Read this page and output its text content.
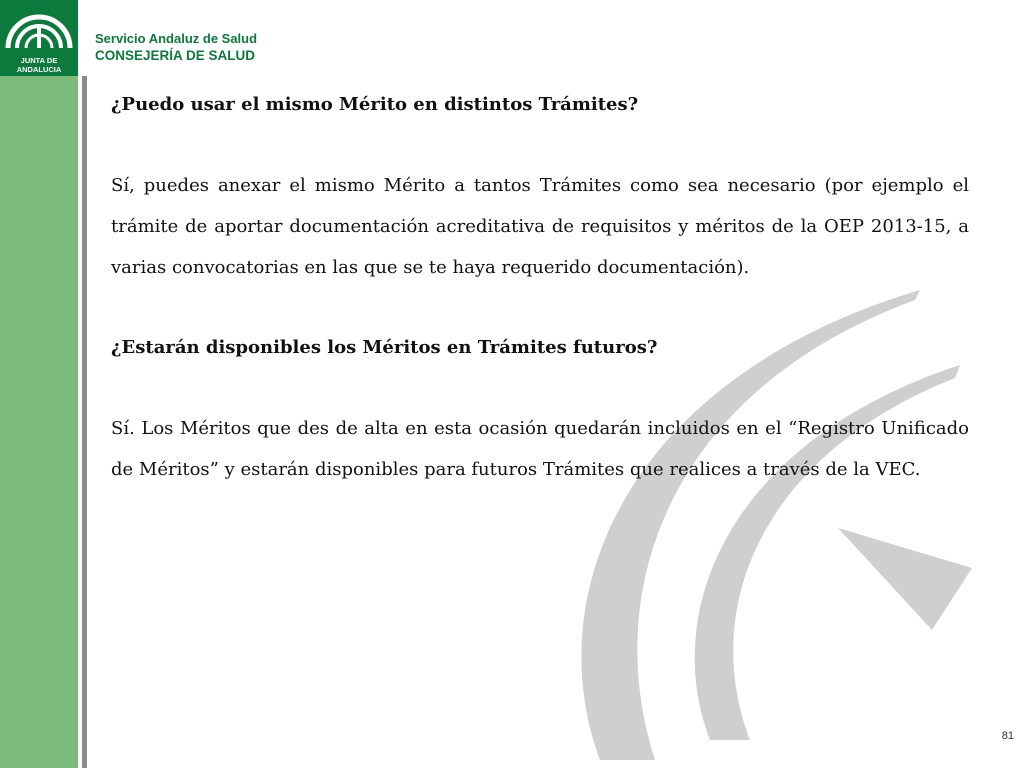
JUNTA DE ANDALUCIA
Servicio Andaluz de Salud
CONSEJERÍA DE SALUD

¿Puedo usar el mismo Mérito en distintos Trámites?

Sí, puedes anexar el mismo Mérito a tantos Trámites como sea necesario (por ejemplo el trámite de aportar documentación acreditativa de requisitos y méritos de la OEP 2013-15, a varias convocatorias en las que se te haya requerido documentación).

¿Estarán disponibles los Méritos en Trámites futuros?

Sí. Los Méritos que des de alta en esta ocasión quedarán incluidos en el “Registro Unificado de Méritos” y estarán disponibles para futuros Trámites que realices a través de la VEC.

81
